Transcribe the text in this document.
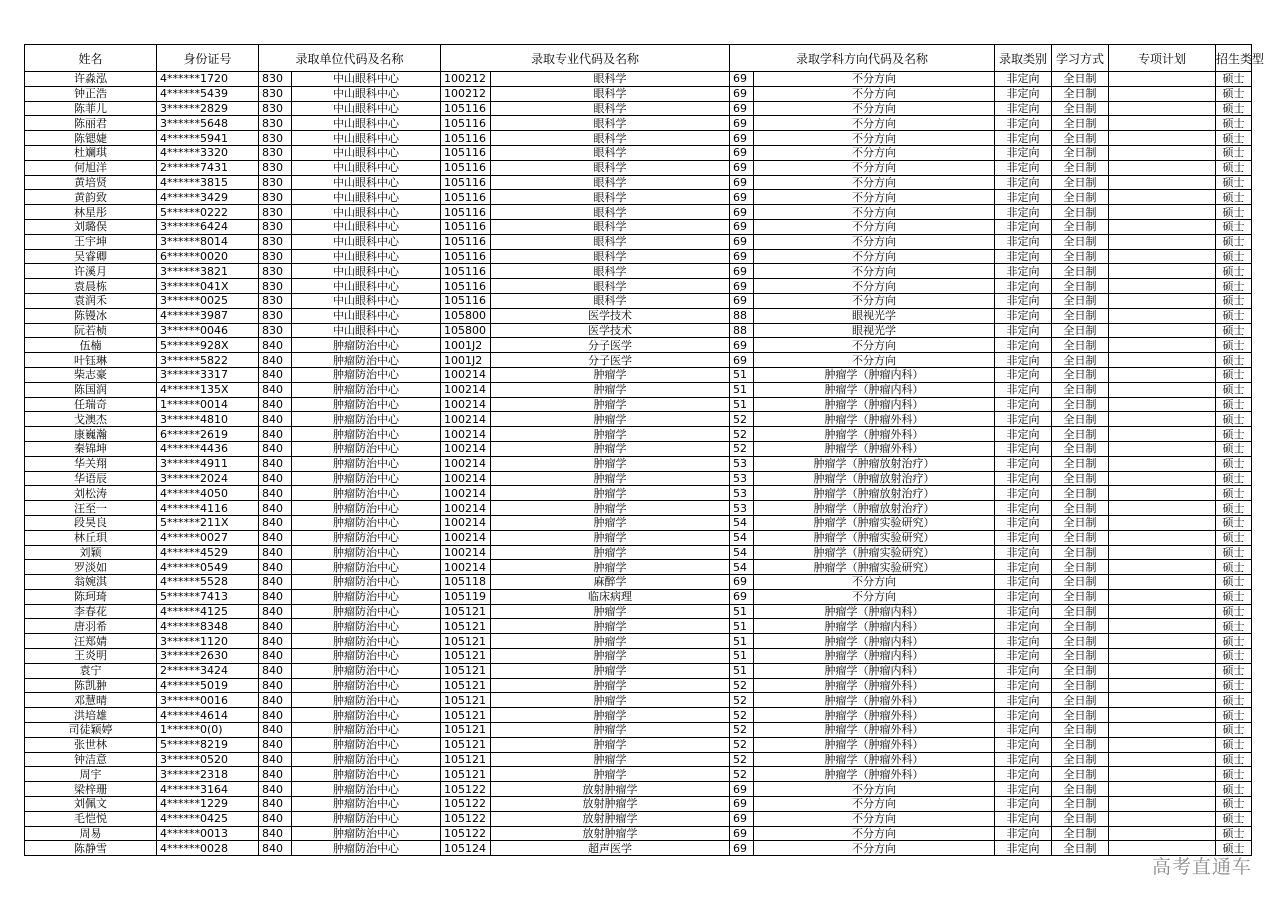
姓名	身份证号	录取单位代码及名称		录取专业代码及名称		录取学科方向代码及名称		录取类别	学习方式	专项计划	招生类型
许淼泓	4******1720	830	中山眼科中心	100212	眼科学	69	不分方向	非定向	全日制		硕士
钟正浩	4******5439	830	中山眼科中心	100212	眼科学	69	不分方向	非定向	全日制		硕士
陈菲儿	3******2829	830	中山眼科中心	105116	眼科学	69	不分方向	非定向	全日制		硕士
陈丽君	3******5648	830	中山眼科中心	105116	眼科学	69	不分方向	非定向	全日制		硕士
陈锶婕	4******5941	830	中山眼科中心	105116	眼科学	69	不分方向	非定向	全日制		硕士
杜斓琪	4******3320	830	中山眼科中心	105116	眼科学	69	不分方向	非定向	全日制		硕士
何旭洋	2******7431	830	中山眼科中心	105116	眼科学	69	不分方向	非定向	全日制		硕士
黄培贤	4******3815	830	中山眼科中心	105116	眼科学	69	不分方向	非定向	全日制		硕士
黄韵致	4******3429	830	中山眼科中心	105116	眼科学	69	不分方向	非定向	全日制		硕士
林星彤	5******0222	830	中山眼科中心	105116	眼科学	69	不分方向	非定向	全日制		硕士
刘璐俣	3******6424	830	中山眼科中心	105116	眼科学	69	不分方向	非定向	全日制		硕士
王宇坤	3******8014	830	中山眼科中心	105116	眼科学	69	不分方向	非定向	全日制		硕士
吴睿卿	6******0020	830	中山眼科中心	105116	眼科学	69	不分方向	非定向	全日制		硕士
许溪月	3******3821	830	中山眼科中心	105116	眼科学	69	不分方向	非定向	全日制		硕士
袁晨栋	3******041X	830	中山眼科中心	105116	眼科学	69	不分方向	非定向	全日制		硕士
袁润禾	3******0025	830	中山眼科中心	105116	眼科学	69	不分方向	非定向	全日制		硕士
陈镘冰	4******3987	830	中山眼科中心	105800	医学技术	88	眼视光学	非定向	全日制		硕士
阮若桢	3******0046	830	中山眼科中心	105800	医学技术	88	眼视光学	非定向	全日制		硕士
伍楠	5******928X	840	肿瘤防治中心	1001J2	分子医学	69	不分方向	非定向	全日制		硕士
叶钰琳	3******5822	840	肿瘤防治中心	1001J2	分子医学	69	不分方向	非定向	全日制		硕士
柴志豪	3******3317	840	肿瘤防治中心	100214	肿瘤学	51	肿瘤学（肿瘤内科）	非定向	全日制		硕士
陈国润	4******135X	840	肿瘤防治中心	100214	肿瘤学	51	肿瘤学（肿瘤内科）	非定向	全日制		硕士
任瑞奇	1******0014	840	肿瘤防治中心	100214	肿瘤学	51	肿瘤学（肿瘤内科）	非定向	全日制		硕士
戈澳杰	3******4810	840	肿瘤防治中心	100214	肿瘤学	52	肿瘤学（肿瘤外科）	非定向	全日制		硕士
康巍瀚	6******2619	840	肿瘤防治中心	100214	肿瘤学	52	肿瘤学（肿瘤外科）	非定向	全日制		硕士
秦锦坤	4******4436	840	肿瘤防治中心	100214	肿瘤学	52	肿瘤学（肿瘤外科）	非定向	全日制		硕士
华关翔	3******4911	840	肿瘤防治中心	100214	肿瘤学	53	肿瘤学（肿瘤放射治疗）	非定向	全日制		硕士
华语辰	3******2024	840	肿瘤防治中心	100214	肿瘤学	53	肿瘤学（肿瘤放射治疗）	非定向	全日制		硕士
刘松涛	4******4050	840	肿瘤防治中心	100214	肿瘤学	53	肿瘤学（肿瘤放射治疗）	非定向	全日制		硕士
汪至一	4******4116	840	肿瘤防治中心	100214	肿瘤学	53	肿瘤学（肿瘤放射治疗）	非定向	全日制		硕士
段昊良	5******211X	840	肿瘤防治中心	100214	肿瘤学	54	肿瘤学（肿瘤实验研究）	非定向	全日制		硕士
林丘珼	4******0027	840	肿瘤防治中心	100214	肿瘤学	54	肿瘤学（肿瘤实验研究）	非定向	全日制		硕士
刘颖	4******4529	840	肿瘤防治中心	100214	肿瘤学	54	肿瘤学（肿瘤实验研究）	非定向	全日制		硕士
罗淡如	4******0549	840	肿瘤防治中心	100214	肿瘤学	54	肿瘤学（肿瘤实验研究）	非定向	全日制		硕士
翁婉淇	4******5528	840	肿瘤防治中心	105118	麻醉学	69	不分方向	非定向	全日制		硕士
陈珂琦	5******7413	840	肿瘤防治中心	105119	临床病理	69	不分方向	非定向	全日制		硕士
李春花	4******4125	840	肿瘤防治中心	105121	肿瘤学	51	肿瘤学（肿瘤内科）	非定向	全日制		硕士
唐羽希	4******8348	840	肿瘤防治中心	105121	肿瘤学	51	肿瘤学（肿瘤内科）	非定向	全日制		硕士
汪郑婧	3******1120	840	肿瘤防治中心	105121	肿瘤学	51	肿瘤学（肿瘤内科）	非定向	全日制		硕士
王炎明	3******2630	840	肿瘤防治中心	105121	肿瘤学	51	肿瘤学（肿瘤内科）	非定向	全日制		硕士
袁宁	2******3424	840	肿瘤防治中心	105121	肿瘤学	51	肿瘤学（肿瘤内科）	非定向	全日制		硕士
陈凯翀	4******5019	840	肿瘤防治中心	105121	肿瘤学	52	肿瘤学（肿瘤外科）	非定向	全日制		硕士
邓慧晴	3******0016	840	肿瘤防治中心	105121	肿瘤学	52	肿瘤学（肿瘤外科）	非定向	全日制		硕士
洪培雄	4******4614	840	肿瘤防治中心	105121	肿瘤学	52	肿瘤学（肿瘤外科）	非定向	全日制		硕士
司徒颖婷	1******0(0)	840	肿瘤防治中心	105121	肿瘤学	52	肿瘤学（肿瘤外科）	非定向	全日制		硕士
张世林	5******8219	840	肿瘤防治中心	105121	肿瘤学	52	肿瘤学（肿瘤外科）	非定向	全日制		硕士
钟洁意	3******0520	840	肿瘤防治中心	105121	肿瘤学	52	肿瘤学（肿瘤外科）	非定向	全日制		硕士
周宇	3******2318	840	肿瘤防治中心	105121	肿瘤学	52	肿瘤学（肿瘤外科）	非定向	全日制		硕士
梁梓珊	4******3164	840	肿瘤防治中心	105122	放射肿瘤学	69	不分方向	非定向	全日制		硕士
刘佩文	4******1229	840	肿瘤防治中心	105122	放射肿瘤学	69	不分方向	非定向	全日制		硕士
毛恺悦	4******0425	840	肿瘤防治中心	105122	放射肿瘤学	69	不分方向	非定向	全日制		硕士
周易	4******0013	840	肿瘤防治中心	105122	放射肿瘤学	69	不分方向	非定向	全日制		硕士
陈静雪	4******0028	840	肿瘤防治中心	105124	超声医学	69	不分方向	非定向	全日制		硕士
高考直通车
